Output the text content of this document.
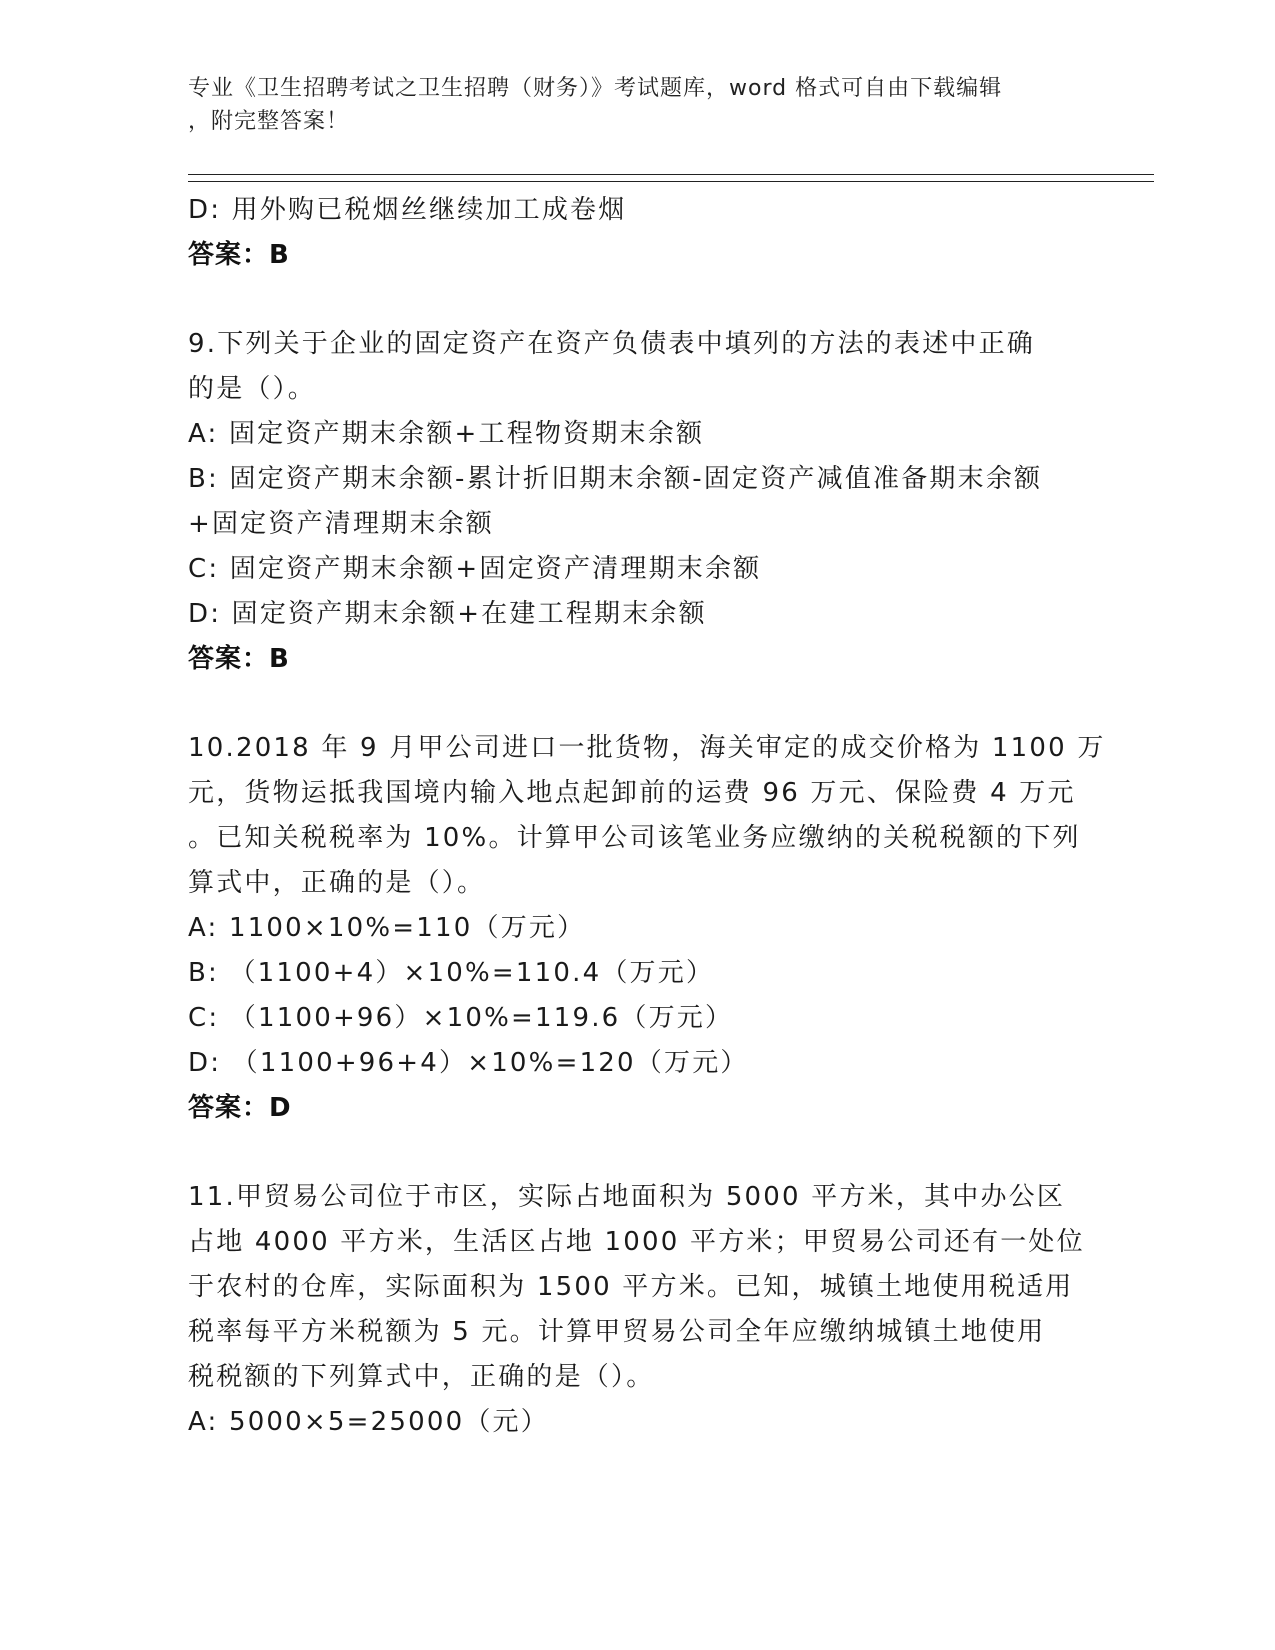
专业《卫生招聘考试之卫生招聘（财务）》考试题库，word 格式可自由下载编辑
，附完整答案！
D: 用外购已税烟丝继续加工成卷烟
答案：B
9.下列关于企业的固定资产在资产负债表中填列的方法的表述中正确
的是（）。
A: 固定资产期末余额+工程物资期末余额
B: 固定资产期末余额-累计折旧期末余额-固定资产减值准备期末余额
+固定资产清理期末余额
C: 固定资产期末余额+固定资产清理期末余额
D: 固定资产期末余额+在建工程期末余额
答案：B
10.2018 年 9 月甲公司进口一批货物，海关审定的成交价格为 1100 万
元，货物运抵我国境内输入地点起卸前的运费 96 万元、保险费 4 万元
。已知关税税率为 10%。计算甲公司该笔业务应缴纳的关税税额的下列
算式中，正确的是（）。
A: 1100×10%=110（万元）
B: （1100+4）×10%=110.4（万元）
C: （1100+96）×10%=119.6（万元）
D: （1100+96+4）×10%=120（万元）
答案：D
11.甲贸易公司位于市区，实际占地面积为 5000 平方米，其中办公区
占地 4000 平方米，生活区占地 1000 平方米；甲贸易公司还有一处位
于农村的仓库，实际面积为 1500 平方米。已知，城镇土地使用税适用
税率每平方米税额为 5 元。计算甲贸易公司全年应缴纳城镇土地使用
税税额的下列算式中，正确的是（）。
A: 5000×5=25000（元）
